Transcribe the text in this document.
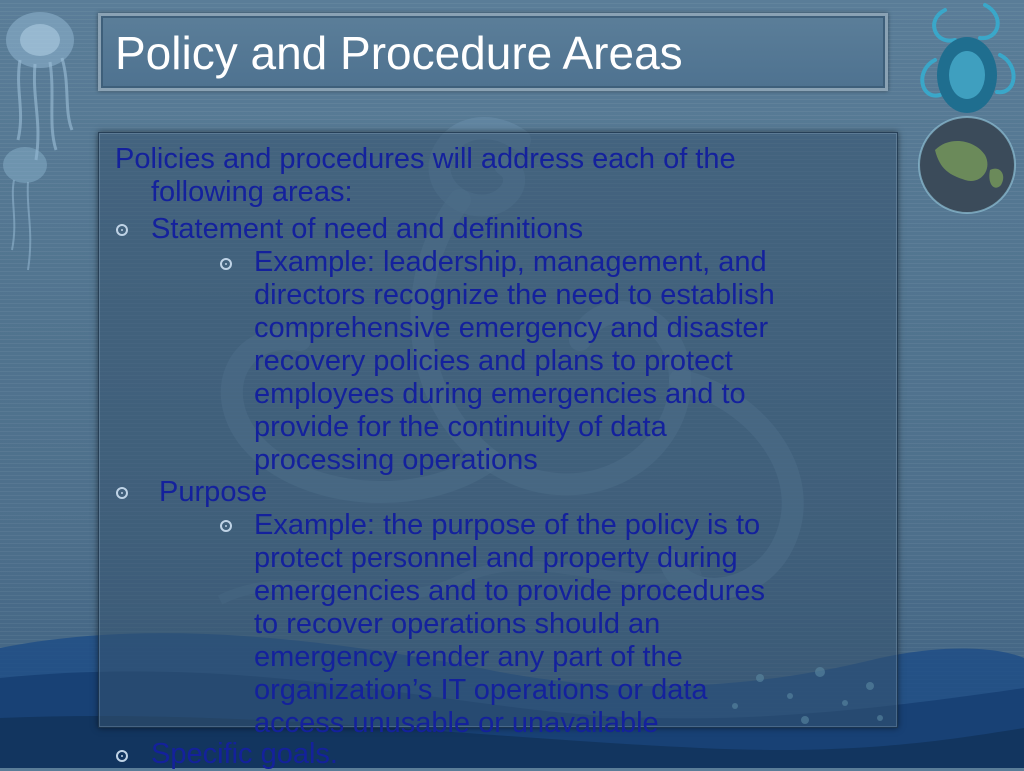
Policy and Procedure Areas
Policies and procedures will address each of the
following areas:
Statement of need and definitions
Example: leadership, management, and
directors recognize the need to establish
comprehensive emergency and disaster
recovery policies and plans to protect
employees during emergencies and to
provide for the continuity of data
processing operations
Purpose
Example: the purpose of the policy is to
protect personnel and property during
emergencies and to provide procedures
to recover operations should an
emergency render any part of the
organization’s IT operations or data
access unusable or unavailable
Specific goals.
